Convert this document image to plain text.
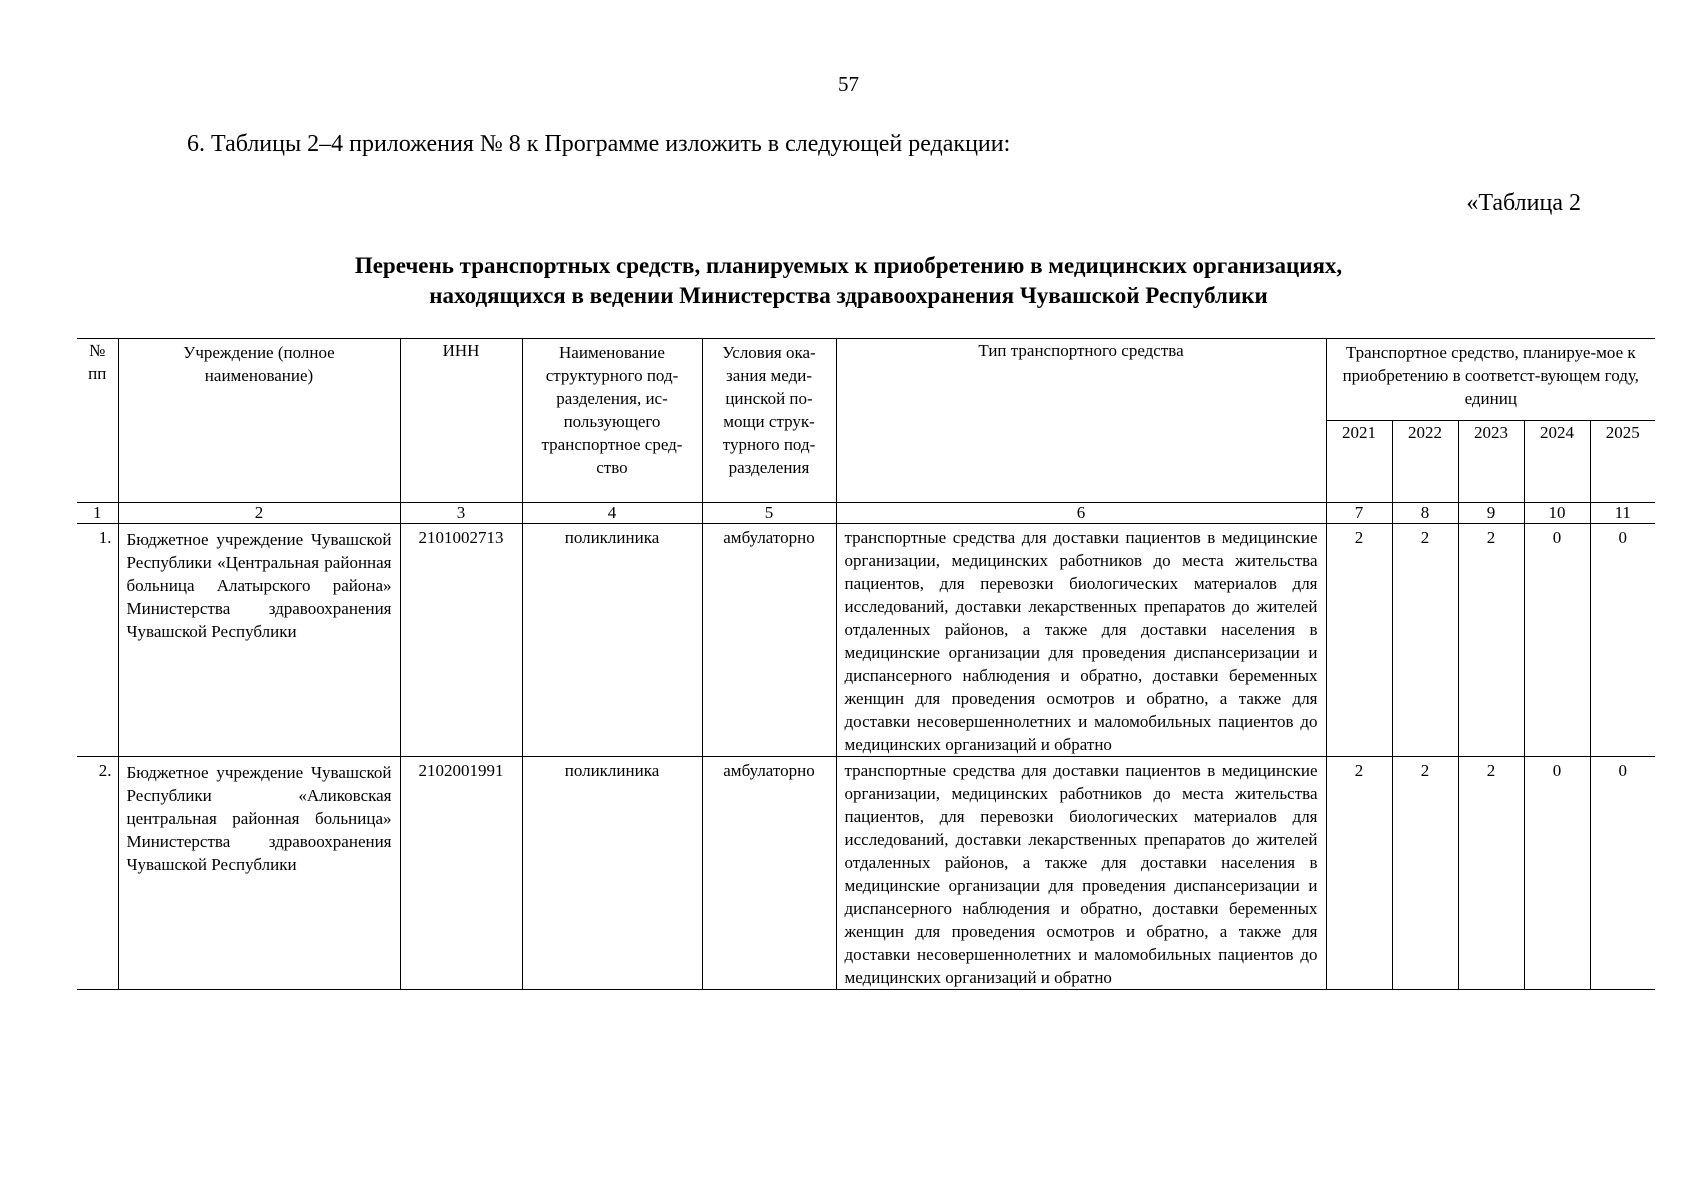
57
6. Таблицы 2–4 приложения № 8 к Программе изложить в следующей редакции:
«Таблица 2
Перечень транспортных средств, планируемых к приобретению в медицинских организациях,
находящихся в ведении Министерства здравоохранения Чувашской Республики
№ пп	Учреждение (полное наименование)	ИНН	Наименование структурного под-разделения, ис-пользующего транспортное сред-ство	Условия ока-зания меди-цинской по-мощи струк-турного под-разделения	Тип транспортного средства	Транспортное средство, планируе-мое к приобретению в соответст-вующем году, единиц				
						2021	2022	2023	2024	2025
1	2	3	4	5	6	7	8	9	10	11
1.	Бюджетное учреждение Чувашской Республики «Центральная районная больница Алатырского района» Министерства здравоохранения Чувашской Республики	2101002713	поликлиника	амбулаторно	транспортные средства для доставки пациентов в медицинские организации, медицинских работников до места жительства пациентов, для перевозки биологических материалов для исследований, доставки лекарственных препаратов до жителей отдаленных районов, а также для доставки населения в медицинские организации для проведения диспансеризации и диспансерного наблюдения и обратно, доставки беременных женщин для проведения осмотров и обратно, а также для доставки несовершеннолетних и маломобильных пациентов до медицинских организаций и обратно	2	2	2	0	0
2.	Бюджетное учреждение Чувашской Республики «Аликовская центральная районная больница» Министерства здравоохранения Чувашской Республики	2102001991	поликлиника	амбулаторно	транспортные средства для доставки пациентов в медицинские организации, медицинских работников до места жительства пациентов, для перевозки биологических материалов для исследований, доставки лекарственных препаратов до жителей отдаленных районов, а также для доставки населения в медицинские организации для проведения диспансеризации и диспансерного наблюдения и обратно, доставки беременных женщин для проведения осмотров и обратно, а также для доставки несовершеннолетних и маломобильных пациентов до медицинских организаций и обратно	2	2	2	0	0
